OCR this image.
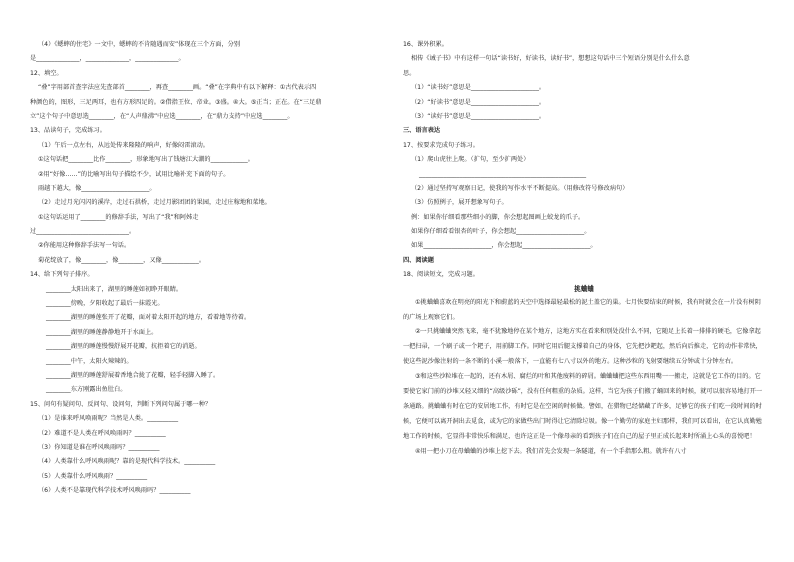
（4）《蟋蟀的住宅》一文中，蟋蟀的不肯随遇而安”体现在三个方面，分别
是______________，______________，______________。
12、填空。
“叠”字用部首查字法应先查部首________，再查________画。“叠”在字典中有以下解释：①古代表示四
种颜色的，图形，三足两耳，也有方形四足的。②借指王位、帝业。③盛。④大。⑤正当；正在。在“三足鼎
立”这个句子中意思选________，在“人声鼎沸”中应选________，在“鼎力支持”中应选________。
13、品读句子，完成练习。
（1）午后一点左右，从远处传来隆隆的响声，好像闷雷滚动。
①这句话把________比作________，形象地写出了钱塘江大潮的____________。
②用“好像……”的比喻写出句子描绘不少，试用比喻补充下面的句子。
雨越下越大，像______________________。
（2）走过月光闪闪的溪岸，走过石拱桥，走过月影团团的果园，走过庄稼地和菜地。
①这句话运用了________的修辞手法，写出了“我”和阿姊走
过______________________________。
②你能用这种修辞手法写一句话。
菊花绽放了，像________，像________，又像____________。
14、给下列句子排序。
________太阳出来了，湖里的睡莲如初睁开眼睛。
________傍晚，夕阳收起了最后一抹霞光。
________湖里的睡莲张开了花瓣，面对着太阳开起的地方，看着地等待着。
________湖里的睡莲静静地开于水面上。
________湖里的睡莲慢慢舒展开花瓣，抗拒着它的消逝。
________中午，太阳火辣辣的。
________湖里的睡莲舒展着香地合拢了花瓣，轻手轻脚入睡了。
________东方刚露出鱼肚白。
15、问句有疑问句、反问句、设问句，判断下列问句属于哪一种？
（1）是谁来呼风唤雨呢？当然是人类。__________
（2）难道不是人类在呼风唤雨吗？__________
（3）你知道是谁在呼风唤雨吗？__________
（4）人类靠什么呼风唤雨呢？靠的是现代科学技术。__________
（5）人类靠什么呼风唤雨？__________
（6）人类不是靠现代科学技术呼风唤雨吗？__________
16、课外积累。
相传《诫子书》中有这样一句话“读书好，好读书，读好书”，想想这句话中三个短语分别是什么什么意
思。
（1）“读书好”意思是______________________。
（2）“好读书”意思是______________________。
（3）“读好书”意思是______________________。
三、语言表达
17、按要求完成句子练习。
（1）爬山虎往上爬。（扩句，至少扩两处）
______________________________________________________
（2）通过坚持写观察日记，使我的写作水平不断提高。（用修改符号修改病句）
（3）仿照例子，展开想象写句子。
例：如果你仔细看那些细小的脚，你会想起图画上蛟龙的爪子。
如果你仔细看看银杏的叶子，你会想起______________________。
如果______________________，你会想起______________________。
四、阅读题
18、阅读短文，完成习题。
挑蛐蛐

①挑蛐蛐喜欢在明亮的阳光下和蔚蓝的天空中选择最轻最松的泥土盖它的巢。七月快要结束的时候，我有时就会在一片没有树阴的广场上观察它们。

②一只挑蛐蛐突然飞来，毫不犹豫地停在某个地方，这地方实在看来和别处没什么不同，它随足上长着一排排的硬毛，它像拿起一把扫帚，一个刷子或一个耙子，用前脚工作。同时它用后腿支撑着自己的身体，它先把沙耙起，然后向后推走，它的动作非常快，使这些泥沙像注射的一条不断的小溪一般落下，一直能有七八寸以外的地方。这种沙粒的飞射要继续五分钟或十分钟左右。

③和这些沙粒堆在一起的，还有木屑、腐烂的叶和其他废料的碎屑。蛐蛐蛐把这些东西用嘴一一搬走，这就是它工作的目的。它要使它家门前的沙堆又轻又细的“高级沙砾”，没有任何粗重的杂质。这样，当它为孩子们搬了蛹回来的时候，就可以很容易地打开一条通路。挑蛐蛐有时在它的安居地工作，有时它是在空闲的时候做。譬如，在猎物已经储藏了许多，足够它的孩子们吃一段时间的时候，它便可以离开洞出去觅食，或为它的家做些出门时得让它清除垃圾。像一个勤劳的家庭主妇那样，我们可以看出，在它认真勤勉地工作的时候，它显得非常快乐和满足，也许这正是一个像母亲的看到孩子们在自己的屋子里正成长起来时所涌上心头的喜悦吧！

④用一把小刀在母蛐蛐的沙堆上挖下去。我们首先会发现一条隧道，有一个手指那么粗。就许有八寸
